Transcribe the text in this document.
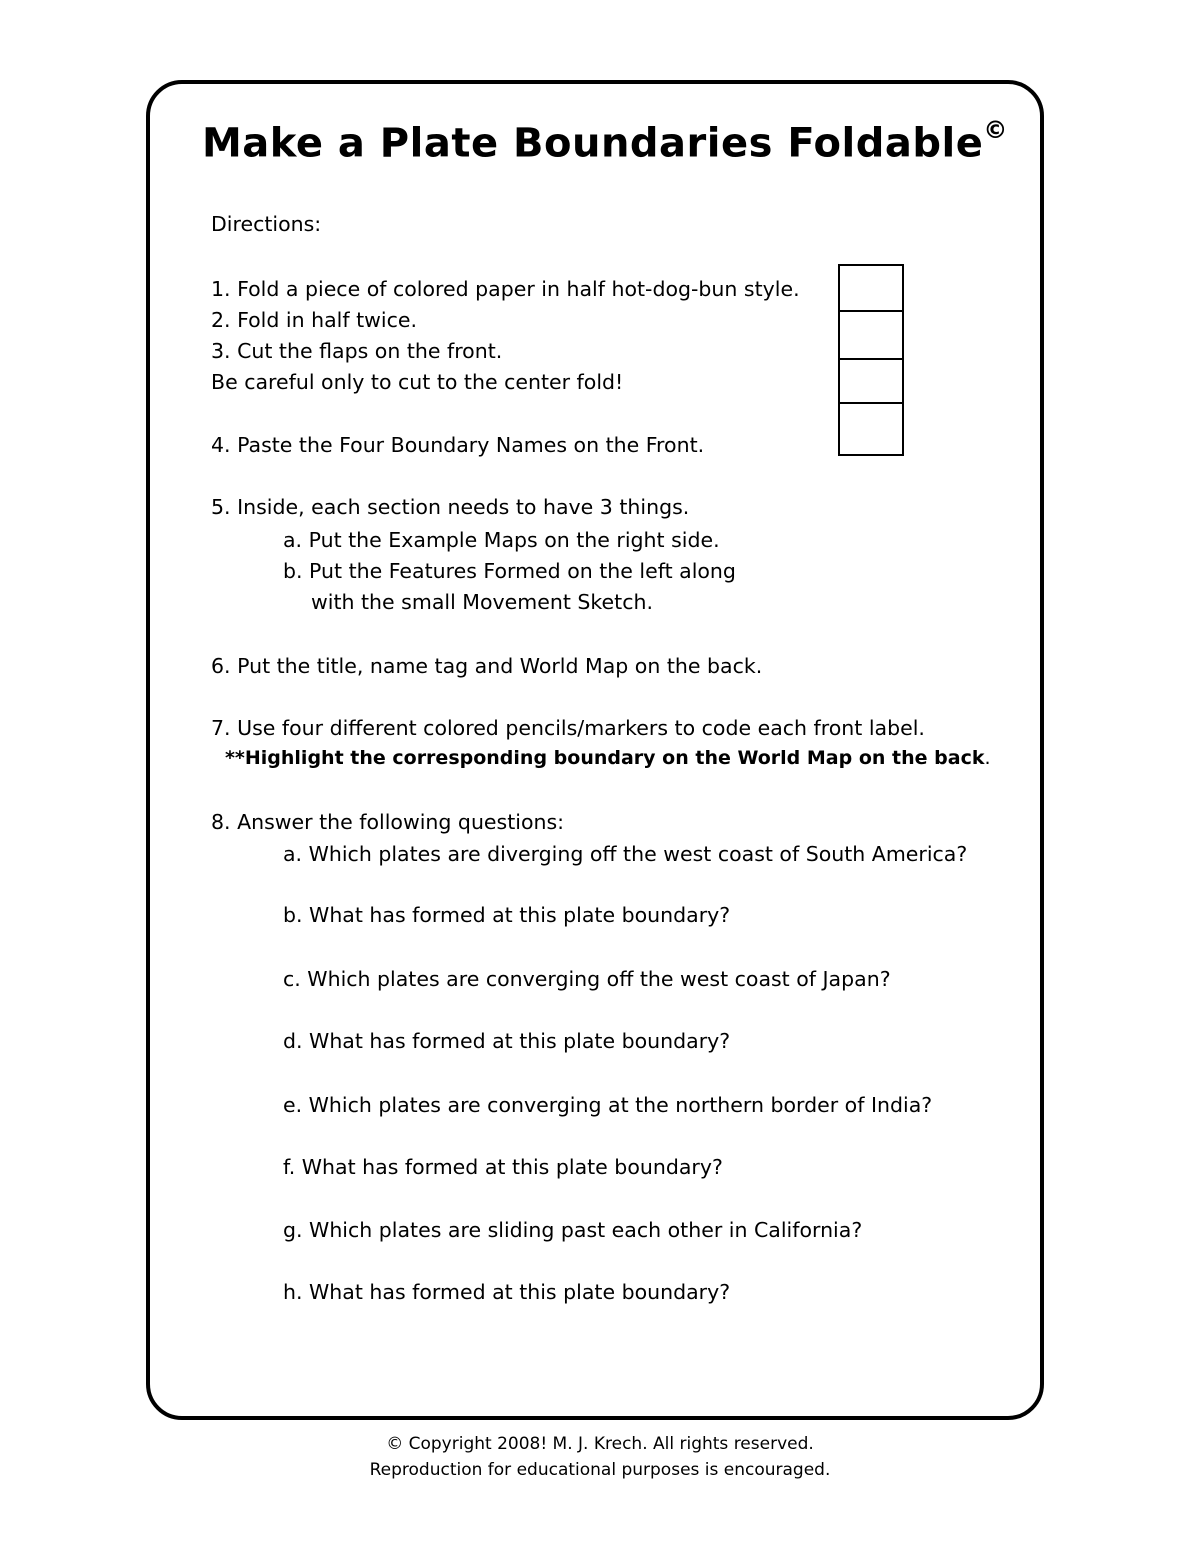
Make a Plate Boundaries Foldable©
Directions:
1. Fold a piece of colored paper in half hot-dog-bun style.
2. Fold in half twice.
3. Cut the flaps on the front.
Be careful only to cut to the center fold!
4. Paste the Four Boundary Names on the Front.
5. Inside, each section needs to have 3 things.
a. Put the Example Maps on the right side.
b. Put the Features Formed on the left along
with the small Movement Sketch.
6. Put the title, name tag and World Map on the back.
7. Use four different colored pencils/markers to code each front label.
**Highlight the corresponding boundary on the World Map on the back.
8. Answer the following questions:
a. Which plates are diverging off the west coast of South America?
b. What has formed at this plate boundary?
c. Which plates are converging off the west coast of Japan?
d. What has formed at this plate boundary?
e. Which plates are converging at the northern border of India?
f. What has formed at this plate boundary?
g. Which plates are sliding past each other in California?
h. What has formed at this plate boundary?
© Copyright 2008! M. J. Krech. All rights reserved.
Reproduction for educational purposes is encouraged.
